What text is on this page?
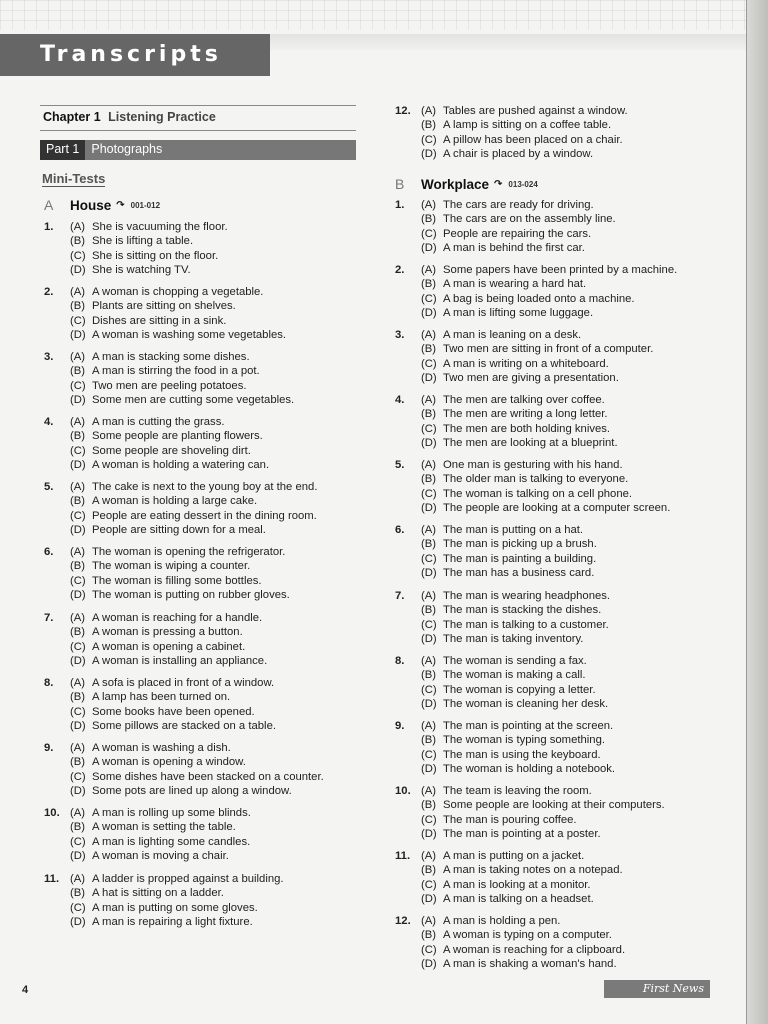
Transcripts
Chapter 1 Listening Practice
Part 1 Photographs
Mini-Tests
A	House ↷ 001-012
B	Workplace ↷ 013-024
1.	(A) She is vacuuming the floor.
(B) She is lifting a table.
(C) She is sitting on the floor.
(D) She is watching TV.
2.	(A) A woman is chopping a vegetable.
(B) Plants are sitting on shelves.
(C) Dishes are sitting in a sink.
(D) A woman is washing some vegetables.
3.	(A) A man is stacking some dishes.
(B) A man is stirring the food in a pot.
(C) Two men are peeling potatoes.
(D) Some men are cutting some vegetables.
4.	(A) A man is cutting the grass.
(B) Some people are planting flowers.
(C) Some people are shoveling dirt.
(D) A woman is holding a watering can.
5.	(A) The cake is next to the young boy at the end.
(B) A woman is holding a large cake.
(C) People are eating dessert in the dining room.
(D) People are sitting down for a meal.
6.	(A) The woman is opening the refrigerator.
(B) The woman is wiping a counter.
(C) The woman is filling some bottles.
(D) The woman is putting on rubber gloves.
7.	(A) A woman is reaching for a handle.
(B) A woman is pressing a button.
(C) A woman is opening a cabinet.
(D) A woman is installing an appliance.
8.	(A) A sofa is placed in front of a window.
(B) A lamp has been turned on.
(C) Some books have been opened.
(D) Some pillows are stacked on a table.
9.	(A) A woman is washing a dish.
(B) A woman is opening a window.
(C) Some dishes have been stacked on a counter.
(D) Some pots are lined up along a window.
10. (A) A man is rolling up some blinds.
(B) A woman is setting the table.
(C) A man is lighting some candles.
(D) A woman is moving a chair.
11. (A) A ladder is propped against a building.
(B) A hat is sitting on a ladder.
(C) A man is putting on some gloves.
(D) A man is repairing a light fixture.
12. (A) Tables are pushed against a window.
(B) A lamp is sitting on a coffee table.
(C) A pillow has been placed on a chair.
(D) A chair is placed by a window.
1.	(A) The cars are ready for driving.
(B) The cars are on the assembly line.
(C) People are repairing the cars.
(D) A man is behind the first car.
2.	(A) Some papers have been printed by a machine.
(B) A man is wearing a hard hat.
(C) A bag is being loaded onto a machine.
(D) A man is lifting some luggage.
3.	(A) A man is leaning on a desk.
(B) Two men are sitting in front of a computer.
(C) A man is writing on a whiteboard.
(D) Two men are giving a presentation.
4.	(A) The men are talking over coffee.
(B) The men are writing a long letter.
(C) The men are both holding knives.
(D) The men are looking at a blueprint.
5.	(A) One man is gesturing with his hand.
(B) The older man is talking to everyone.
(C) The woman is talking on a cell phone.
(D) The people are looking at a computer screen.
6.	(A) The man is putting on a hat.
(B) The man is picking up a brush.
(C) The man is painting a building.
(D) The man has a business card.
7.	(A) The man is wearing headphones.
(B) The man is stacking the dishes.
(C) The man is talking to a customer.
(D) The man is taking inventory.
8.	(A) The woman is sending a fax.
(B) The woman is making a call.
(C) The woman is copying a letter.
(D) The woman is cleaning her desk.
9.	(A) The man is pointing at the screen.
(B) The woman is typing something.
(C) The man is using the keyboard.
(D) The woman is holding a notebook.
10. (A) The team is leaving the room.
(B) Some people are looking at their computers.
(C) The man is pouring coffee.
(D) The man is pointing at a poster.
11. (A) A man is putting on a jacket.
(B) A man is taking notes on a notepad.
(C) A man is looking at a monitor.
(D) A man is talking on a headset.
12. (A) A man is holding a pen.
(B) A woman is typing on a computer.
(C) A woman is reaching for a clipboard.
(D) A man is shaking a woman's hand.
4	First News
